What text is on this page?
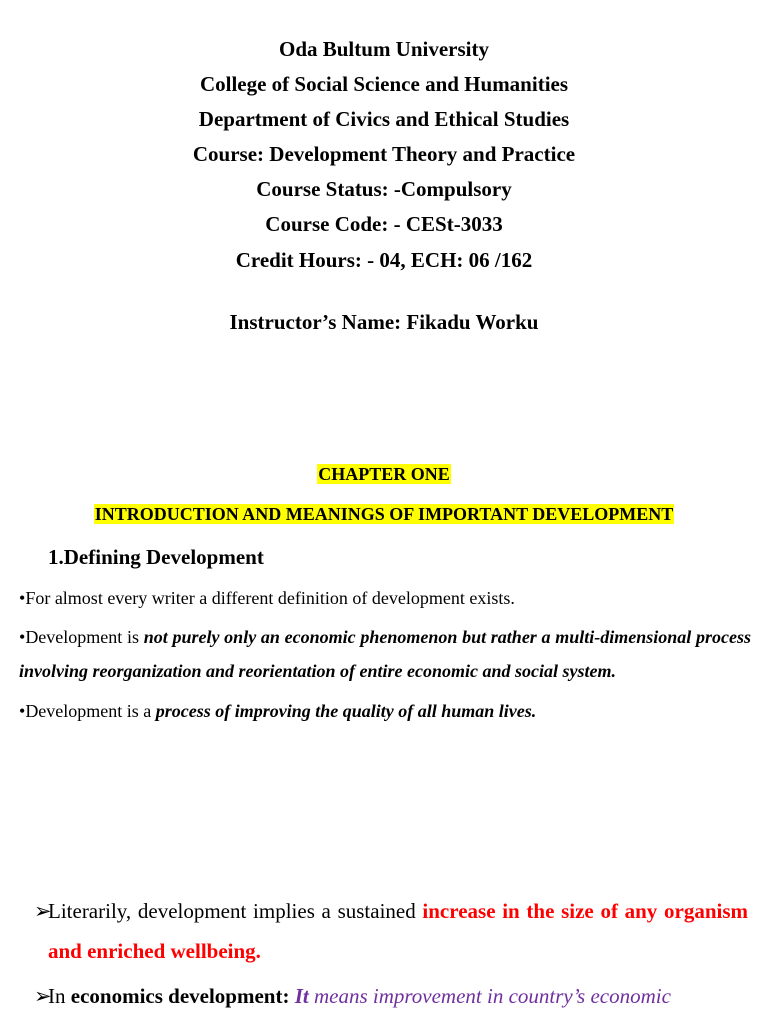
Oda Bultum University
College of Social Science and Humanities
Department of Civics and Ethical Studies
Course: Development Theory and Practice
Course Status: -Compulsory
Course Code: - CESt-3033
Credit Hours: - 04, ECH: 06 /162
Instructor’s Name: Fikadu Worku
CHAPTER ONE
INTRODUCTION AND MEANINGS OF IMPORTANT DEVELOPMENT
1.Defining Development
•For almost every writer a different definition of development exists.
•Development is not purely only an economic phenomenon but rather a multi-dimensional process involving reorganization and reorientation of entire economic and social system.
•Development is a process of improving the quality of all human lives.
➢
Literarily, development implies a sustained increase in the size of any organism and enriched wellbeing.
➢
In economics development: It means improvement in country’s economic
